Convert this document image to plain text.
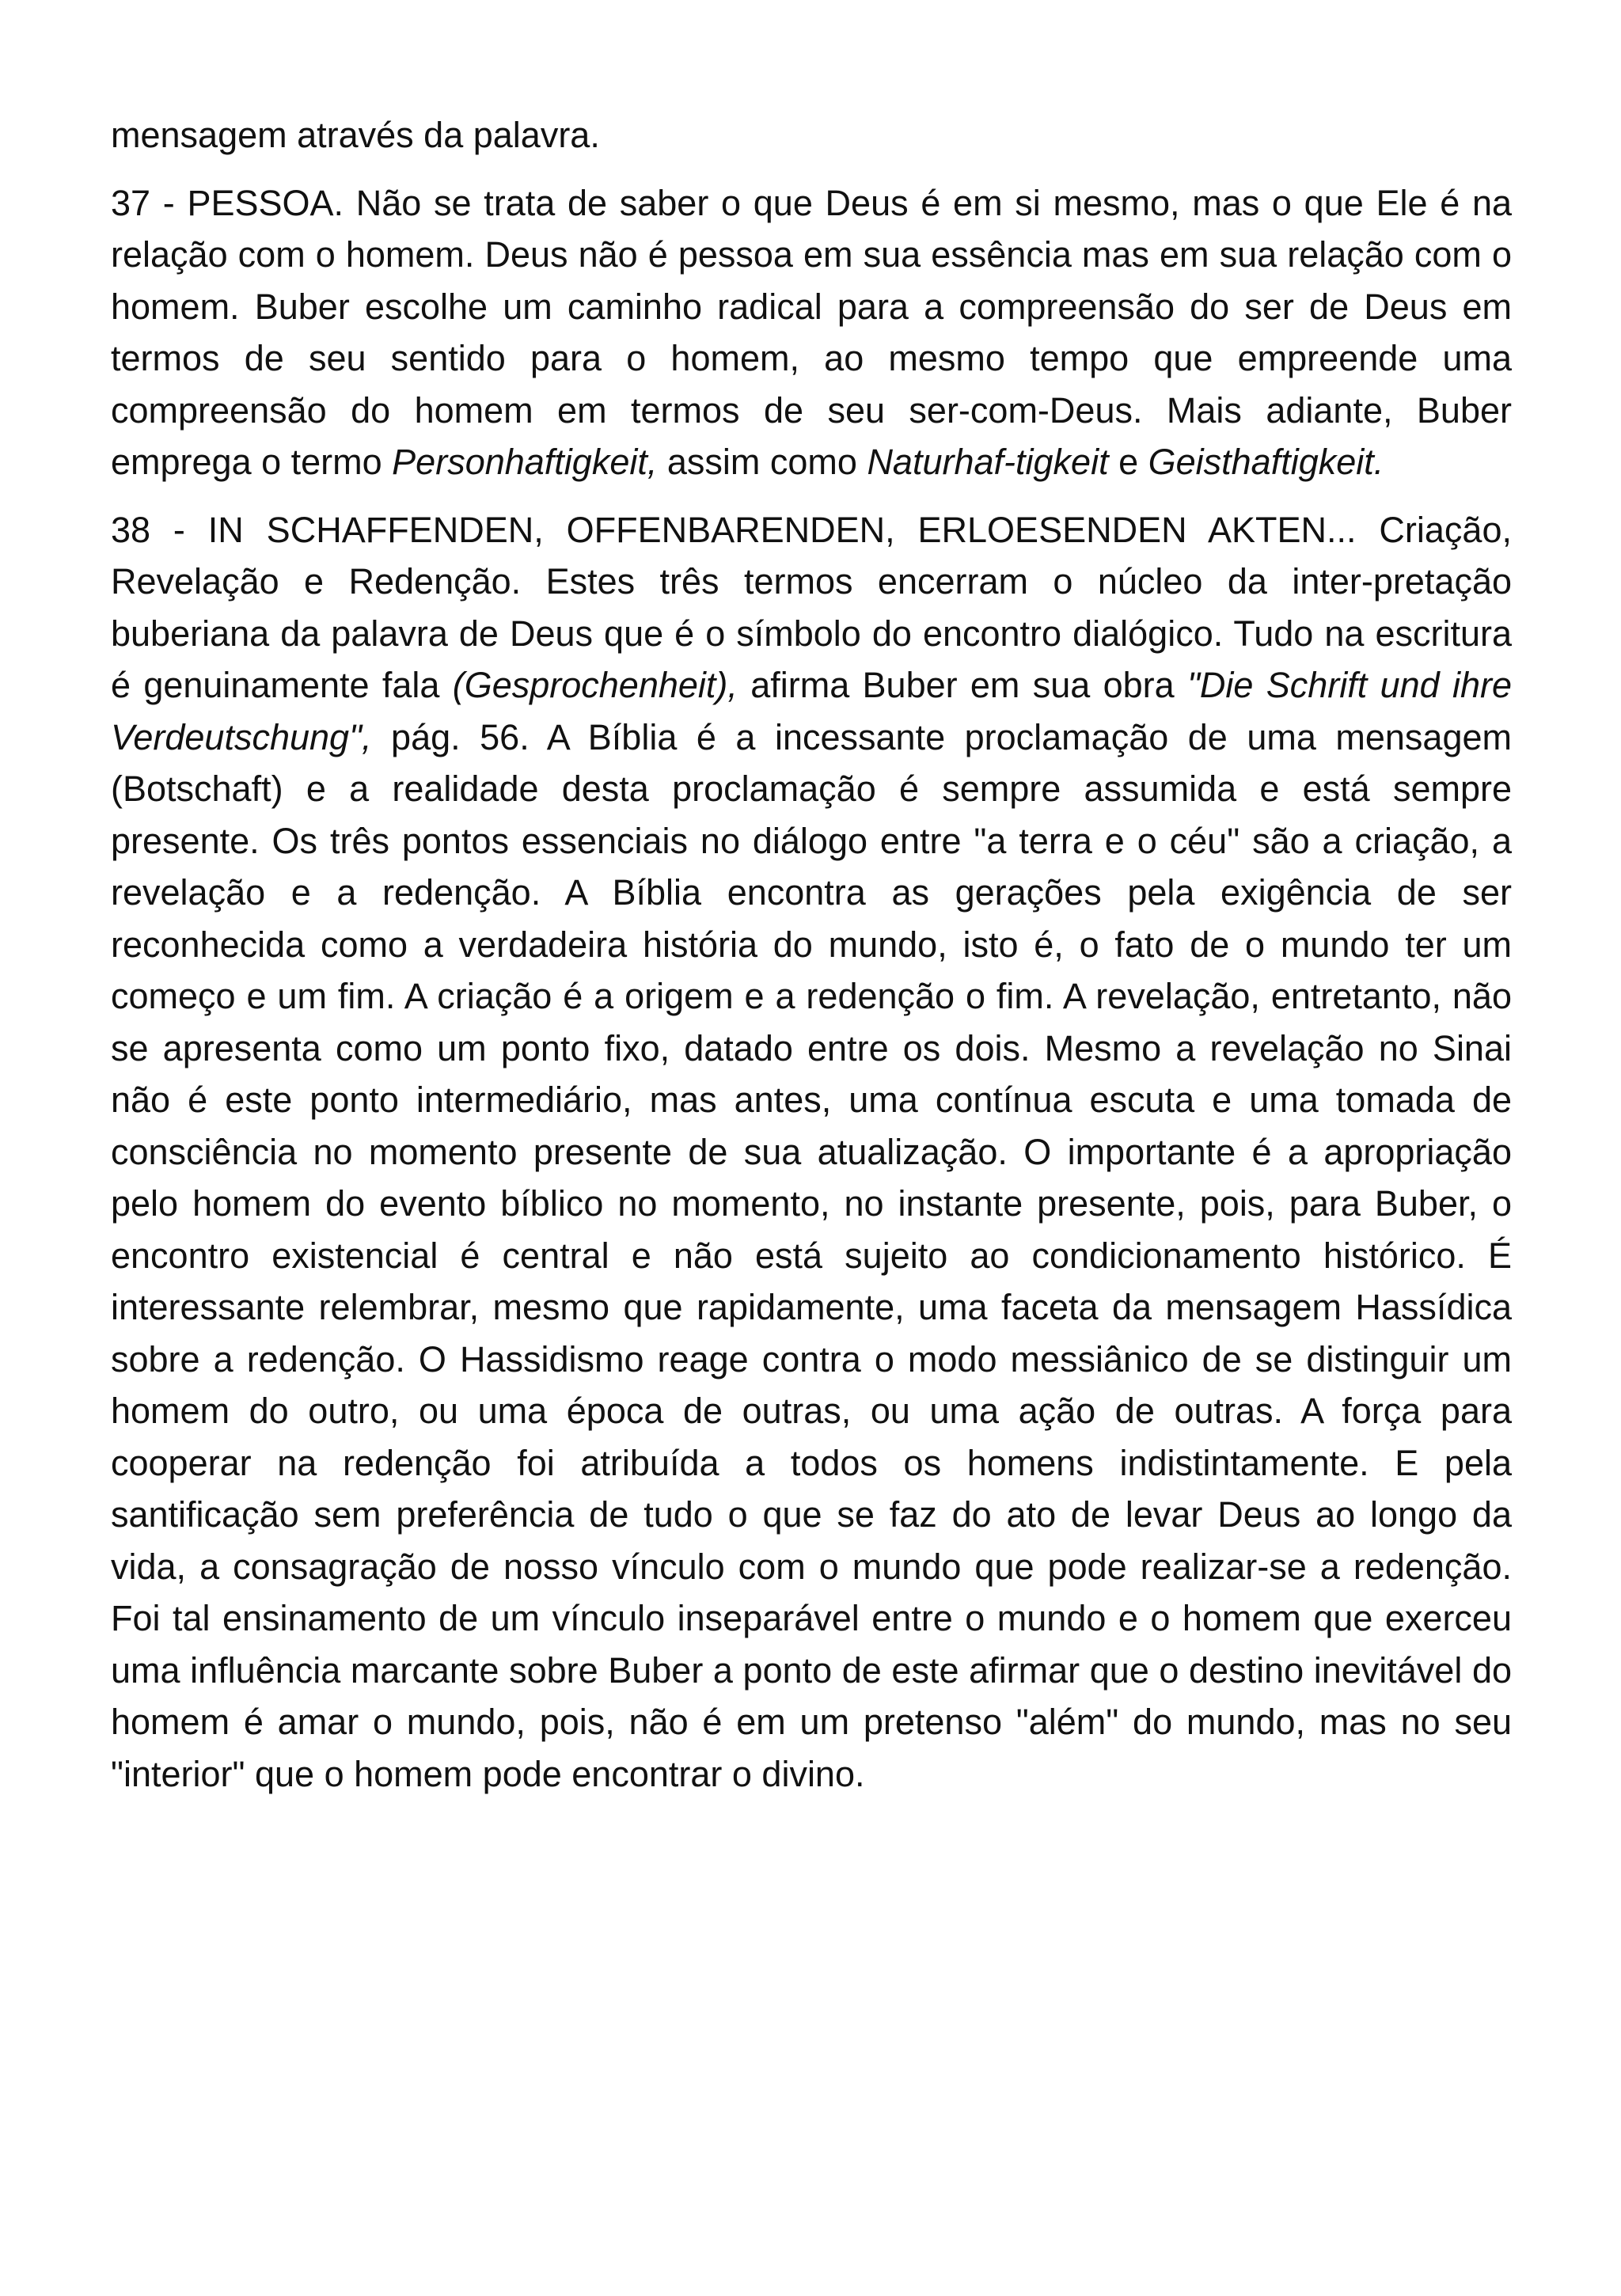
mensagem através da palavra.

37 - PESSOA. Não se trata de saber o que Deus é em si mesmo, mas o que Ele é na relação com o homem. Deus não é pessoa em sua essência mas em sua relação com o homem. Buber escolhe um caminho radical para a compreensão do ser de Deus em termos de seu sentido para o homem, ao mesmo tempo que empreende uma compreensão do homem em termos de seu ser-com-Deus. Mais adiante, Buber emprega o termo Personhaftigkeit, assim como Naturhaf-tigkeit e Geisthaftigkeit.

38 - IN SCHAFFENDEN, OFFENBARENDEN, ERLOESENDEN AKTEN... Criação, Revelação e Redenção. Estes três termos encerram o núcleo da inter-pretação buberiana da palavra de Deus que é o símbolo do encontro dialógico. Tudo na escritura é genuinamente fala (Gesprochenheit), afirma Buber em sua obra "Die Schrift und ihre Verdeutschung", pág. 56. A Bíblia é a incessante proclamação de uma mensagem (Botschaft) e a realidade desta proclamação é sempre assumida e está sempre presente. Os três pontos essenciais no diálogo entre "a terra e o céu" são a criação, a revelação e a redenção. A Bíblia encontra as gerações pela exigência de ser reconhecida como a verdadeira história do mundo, isto é, o fato de o mundo ter um começo e um fim. A criação é a origem e a redenção o fim. A revelação, entretanto, não se apresenta como um ponto fixo, datado entre os dois. Mesmo a revelação no Sinai não é este ponto intermediário, mas antes, uma contínua escuta e uma tomada de consciência no momento presente de sua atualização. O importante é a apropriação pelo homem do evento bíblico no momento, no instante presente, pois, para Buber, o encontro existencial é central e não está sujeito ao condicionamento histórico. É interessante relembrar, mesmo que rapidamente, uma faceta da mensagem Hassídica sobre a redenção. O Hassidismo reage contra o modo messiânico de se distinguir um homem do outro, ou uma época de outras, ou uma ação de outras. A força para cooperar na redenção foi atribuída a todos os homens indistintamente. E pela santificação sem preferência de tudo o que se faz do ato de levar Deus ao longo da vida, a consagração de nosso vínculo com o mundo que pode realizar-se a redenção. Foi tal ensinamento de um vínculo inseparável entre o mundo e o homem que exerceu uma influência marcante sobre Buber a ponto de este afirmar que o destino inevitável do homem é amar o mundo, pois, não é em um pretenso "além" do mundo, mas no seu "interior" que o homem pode encontrar o divino.
